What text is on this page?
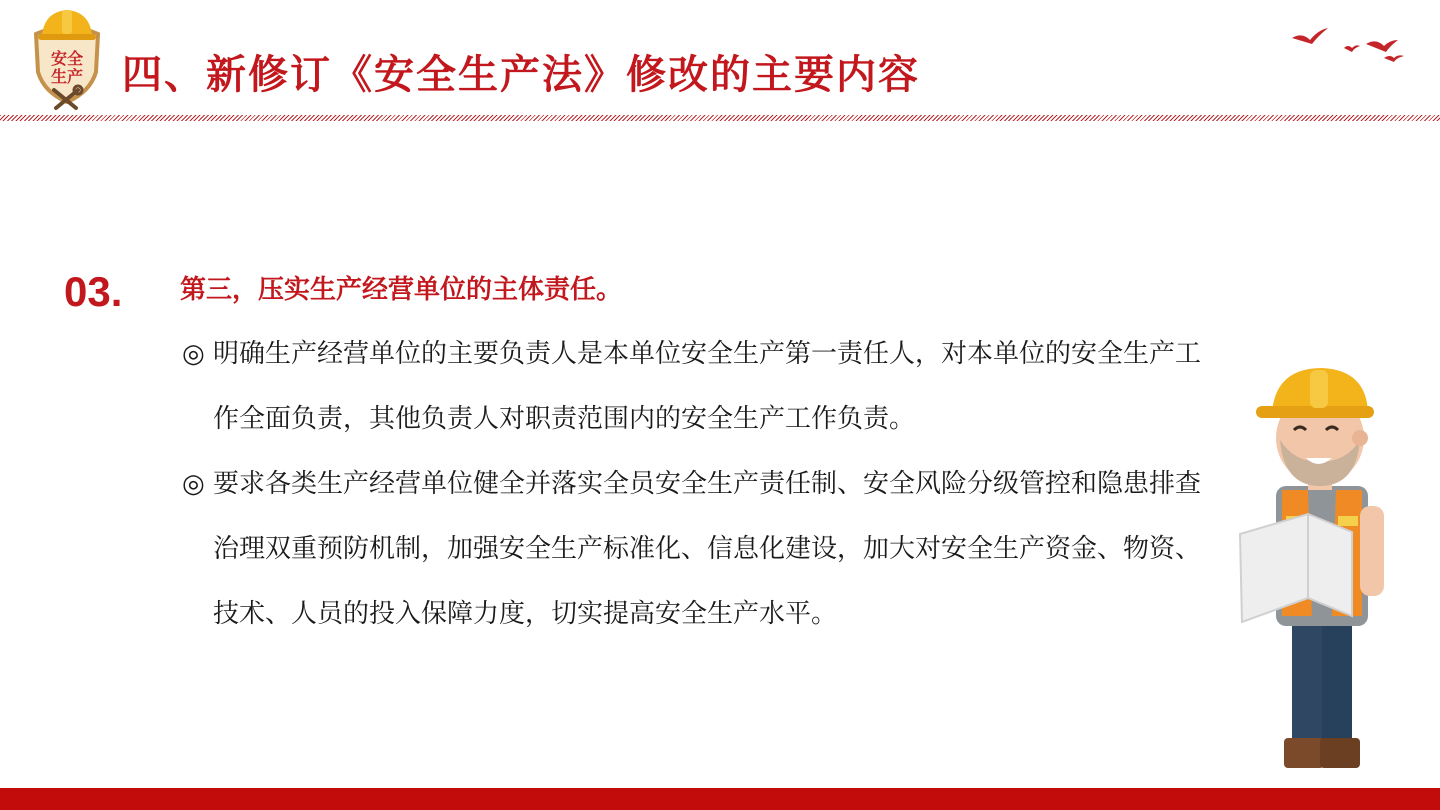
安全
生产 四、新修订《安全生产法》修改的主要内容

03. 第三，压实生产经营单位的主体责任。

◎ 明确生产经营单位的主要负责人是本单位安全生产第一责任人，对本单位的安全生产工作全面负责，其他负责人对职责范围内的安全生产工作负责。
◎ 要求各类生产经营单位健全并落实全员安全生产责任制、安全风险分级管控和隐患排查治理双重预防机制，加强安全生产标准化、信息化建设，加大对安全生产资金、物资、技术、人员的投入保障力度，切实提高安全生产水平。
